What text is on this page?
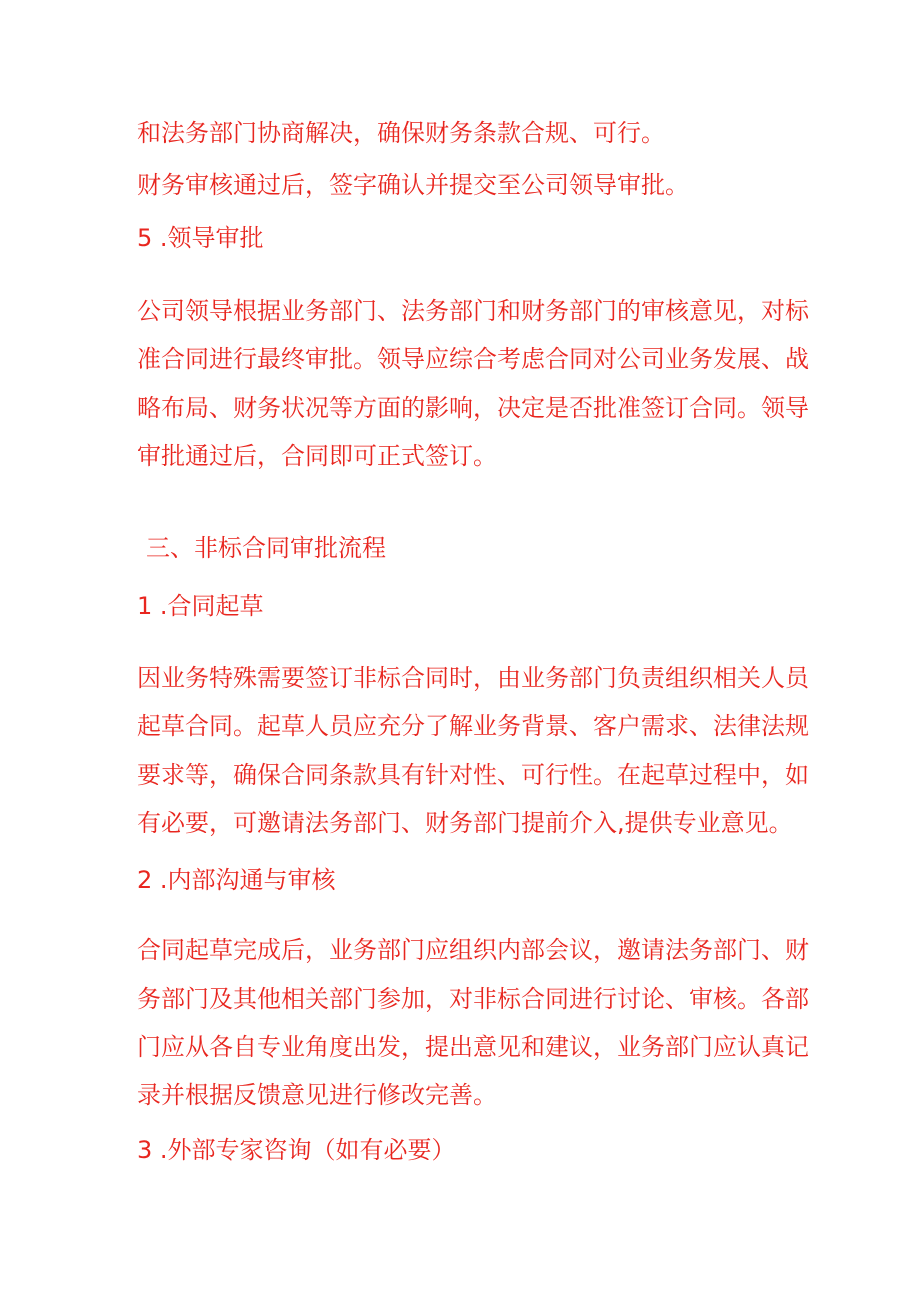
和法务部门协商解决，确保财务条款合规、可行。
财务审核通过后，签字确认并提交至公司领导审批。
5 .领导审批
公司领导根据业务部门、法务部门和财务部门的审核意见，对标
准合同进行最终审批。领导应综合考虑合同对公司业务发展、战
略布局、财务状况等方面的影响，决定是否批准签订合同。领导
审批通过后，合同即可正式签订。
三、非标合同审批流程
1 .合同起草
因业务特殊需要签订非标合同时，由业务部门负责组织相关人员
起草合同。起草人员应充分了解业务背景、客户需求、法律法规
要求等，确保合同条款具有针对性、可行性。在起草过程中，如
有必要，可邀请法务部门、财务部门提前介入,提供专业意见。
2 .内部沟通与审核
合同起草完成后，业务部门应组织内部会议，邀请法务部门、财
务部门及其他相关部门参加，对非标合同进行讨论、审核。各部
门应从各自专业角度出发，提出意见和建议，业务部门应认真记
录并根据反馈意见进行修改完善。
3 .外部专家咨询（如有必要）
